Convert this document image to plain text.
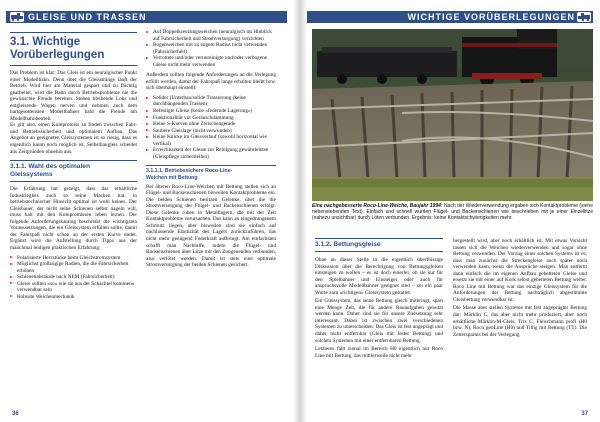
GLEISE UND TRASSEN
3.1. Wichtige
Vorüberlegungen

Das Problem ist klar: Das Gleis ist ein neuralgischer Punkt einer Modellbahn. Denn über die Gleisstränge läuft der Betrieb. Wird hier am Material gespart und zu flüchtig gearbeitet, wird die Bahn durch Betriebsprobleme nie die gewünschte Freude bereiten. Stehen bleibende Loks und entgleisende Wagen nerven und nehmen auch dem hartgesottensten Modellbahner bald die Freude am Modellbahnbetrieb.

Es gilt also, einen Kompromiss zu finden zwischen Fahr- und Betriebssicherheit und optimalem Aufbau. Das Angebot an geeigneten Gleissystemen ist so riesig, dass es eigentlich kaum noch möglich ist, Selbstbaugleis scheidet aus Zeitgründen ohnehin aus.

3.1.1. Wahl des optimalen
Gleissystems

Die Erfahrung hat gezeigt, dass das erhältliche Industriegleis auch so seine Macken hat, in betriebstechnischer Hinsicht optimal ist wohl keines. Der Gleisbauer, der nicht seine Schienen selbst nageln will, muss halt mit den Kompromissen leben lernen. Der folgende Anforderungskatalog beschreibt die wichtigsten Voraussetzungen, die ein Gleissystem erfüllen sollte, damit der Fahrspaß nicht schon an der ersten Kurve endet. Ergänzt wird die Aufstellung durch Tipps aus der manchmal leidigen praktischen Erfahrung:

Polarisierte Herzstücke beim Gleichstromsystem
Möglichst großzügige Radien, die die Fahrsicherheit erhöhen
Schienenabstände nach NEM (Fahrsicherheit)
Gleise sollten «so» wie sie aus der Schachtel kommen» verwendbar sein
Robuste Weichenmechanik
Auf Doppelkreuzungsweichen (neuralgisch im Hinblick auf Fahrsicherheit und Stromversorgung) verzichten
Bogenweichen mit zu engem Radius nicht verwenden (Fahrsicherheit)
Verrottete und/oder verunreinigte und/oder verbogene Gleise nicht mehr verwenden

Außerdem sollten folgende Anforderungen an die Verlegung erfüllt werden, damit der Fahrspaß lange erhalten bleibt bzw. sich überhaupt einstellt:

Solider (Unterbau/solide Trassierung (keine durchhängenden Trassen)
Befestigte Gleise (keine «federnde Lagerung»)
Funktionalität vor Geräuschdämmung
Keine S-Kurven ohne Zwischengerade
Saubere Gleislage (nicht verwunden)
Keine Knicke im Gleisverlauf (sowohl horizontal wie vertikal)
Erreichbarkeit der Gleise zur Reinigung gewährleisten (Gleispflege sicherstellen)
3.1.1.1. Betriebssichere Roco-Line-
Weichen mit Bettung

Bei älteren Roco-Line-Weichen mit Bettung stellen sich an Flügel- und Backenschienen bisweilen Kontaktprobleme ein. Die beiden Schienen besitzen Gelenke, über die die Stromversorgung der Flügel- und Backenschienen erfolgt. Diese Gelenke ruhen in Metalllagern, die mit der Zeit Kontaktprobleme verursachen. Das kann an eingedrungenem Schmutz liegen, aber bisweilen sind sie einfach auf nachlassende Elastizität des Lagers zurückzuführen, das nicht mehr genügend Federkraft aufbringt. Am einfachsten schafft man Nachhilfe, indem die Flügel- und Backenschienen über Litze mit den Zungenenden verbunden, also verlötet werden. Damit ist stets eine optimale Stromversorgung der beiden Schienen gesichert.

36
WICHTIGE VORÜBERLEGUNGEN
Eine nachgebesserte Roco-Line-Weiche, Baujahr 1994: Nach der Wiederverwendung ergaben sich Kontaktprobleme (siehe nebenstehenden Text). Einfach und schnell wurden Flügel- und Backenschienen wie beschrieben mit je einer Einzellitze (nahezu unsichtbar) durch Löten verbunden. Ergebnis: keine Kontaktschwierigkeiten mehr.
3.1.2. Bettungsgleise

Ohne an dieser Stelle in die eigentlich überflüssige Diskussion über die Berechtigung von Bettungsgleisen einsteigen zu wollen – es ist doch einerlei, ob sie nur für den Spielbahner und Einsteiger oder auch für anspruchsvolle Modellbahner geeignet sind – sei ein paar Worte zum «richtigen» Gleissystem gestattet.

Ein Gleissystem, das seine Bettung gleich mitbringt, spart eine Menge Zeit, die für andere Bauaufgaben genutzt werden kann. Daher sind sie für unsere Zielsetzung sehr interessant. Dabei ist zwischen zwei verschiedenen Systemen zu unterscheiden: Das Gleis ist fest angeprägt und daher nicht entfernbar (Gleis mit fester Bettung) und solchen Systemen mit einer entfernbaren Bettung.

Letzteres fällt zumal im Bereich H0 eigentlich nur Roco Line mit Bettung, das mittlerweile nicht mehr

hergestellt wird, aber noch erhältlich ist. Mit etwas Vorsicht lassen sich die Weichen wiederverwenden und sogar ohne Bettung verwenden. Der Vorzug eines solchen Systems ist es, dass man zunächst die Streckengleise auch später noch verwenden kann, wenn die Ansprüche steigen. Man entfernt dann einfach die im eigenen Aufbau gebetteten Gleise und ersetzt sie mit einer auf Kork selbst gebetteten Bettung weiter. Roco Line mit Bettung war das einzige Gleissystem für die Anforderungen der Bettung nachträglich abgestimmte Gleisbettung verwendbar ist.

Die Masse aber stellen Systeme mit fest angeprägter Bettung dar: Märklin C, das aber nicht mehr produziert, aber noch erhältliche Märklin-M-Gleis, Trix C, Fleischmann profi (H0 bzw. N), Roco geoLine (H0) und Tillig mit Bettung (TT). Die Zeitersparnis bei der Verlegung

37
